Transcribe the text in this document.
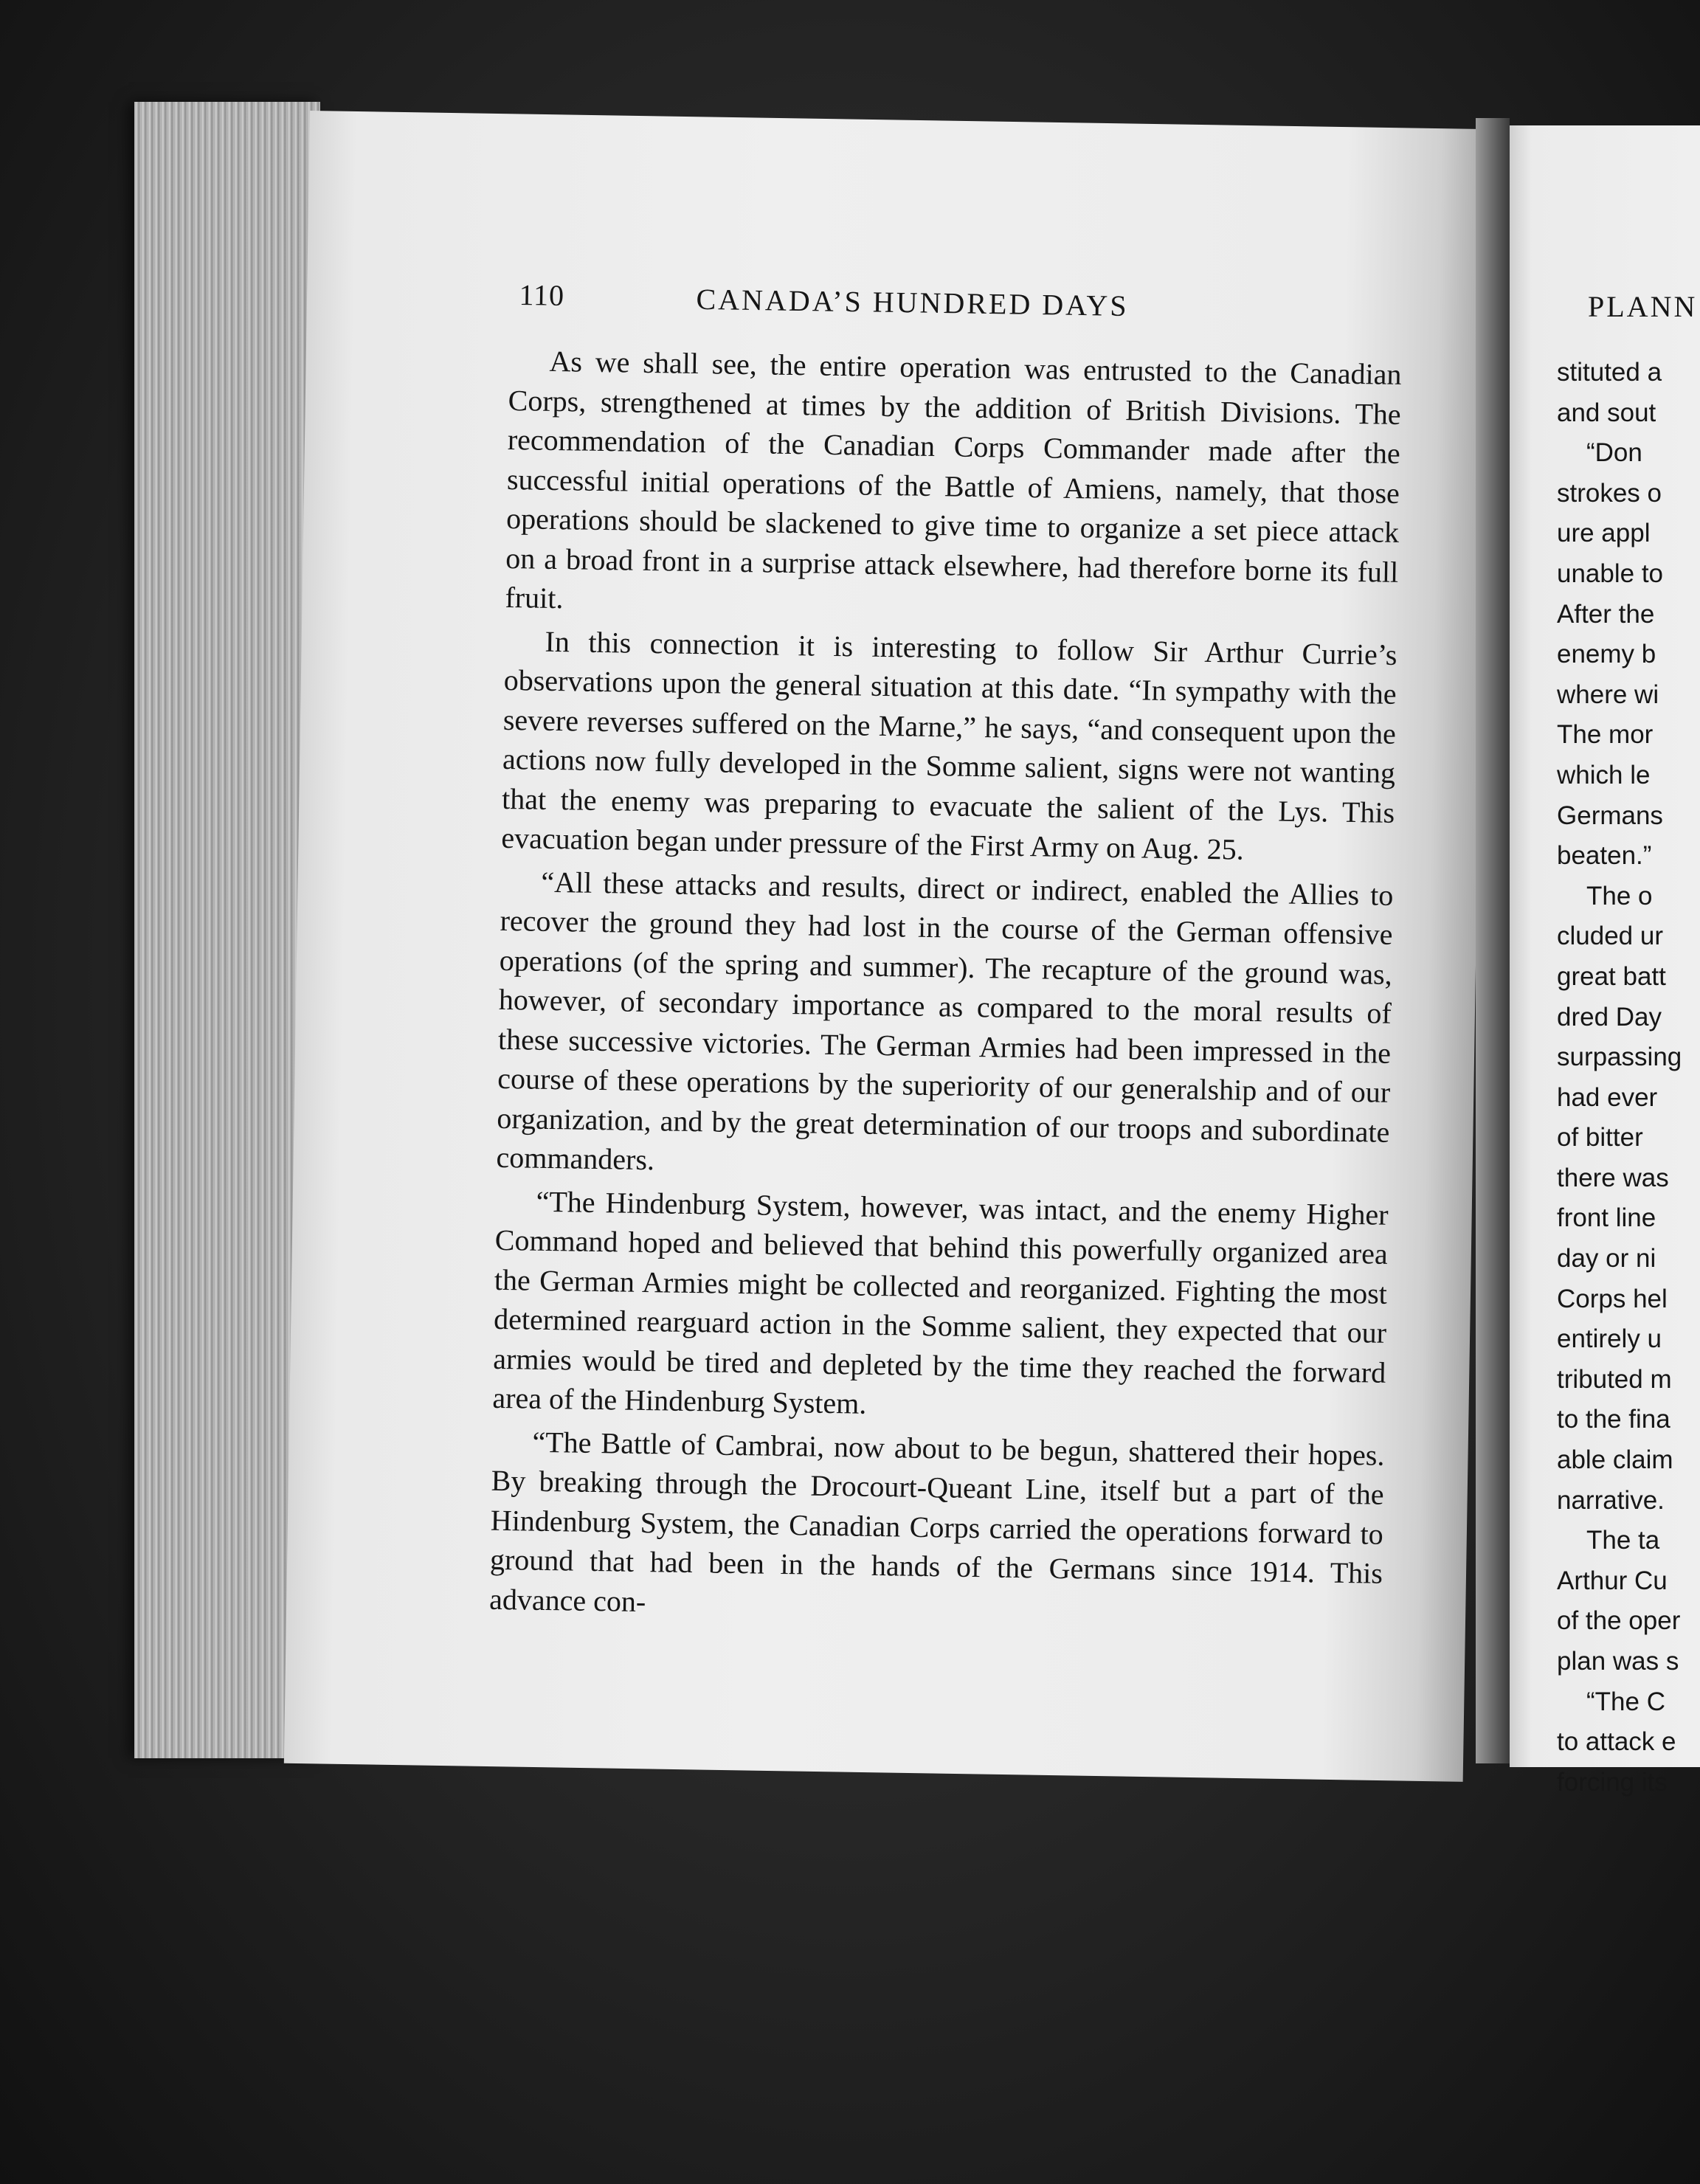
110	CANADA’S HUNDRED DAYS

As we shall see, the entire operation was entrusted to the Canadian Corps, strengthened at times by the addition of British Divisions. The recommendation of the Canadian Corps Commander made after the successful initial operations of the Battle of Amiens, namely, that those operations should be slackened to give time to organize a set piece attack on a broad front in a surprise attack elsewhere, had therefore borne its full fruit.

In this connection it is interesting to follow Sir Arthur Currie’s observations upon the general situation at this date. “In sympathy with the severe reverses suffered on the Marne,” he says, “and consequent upon the actions now fully developed in the Somme salient, signs were not wanting that the enemy was preparing to evacuate the salient of the Lys. This evacuation began under pressure of the First Army on Aug. 25.

“All these attacks and results, direct or indirect, enabled the Allies to recover the ground they had lost in the course of the German offensive operations (of the spring and summer). The recapture of the ground was, however, of secondary importance as compared to the moral results of these successive victories. The German Armies had been impressed in the course of these operations by the superiority of our generalship and of our organization, and by the great determination of our troops and subordinate commanders.

“The Hindenburg System, however, was intact, and the enemy Higher Command hoped and believed that behind this powerfully organized area the German Armies might be collected and reorganized. Fighting the most determined rearguard action in the Somme salient, they expected that our armies would be tired and depleted by the time they reached the forward area of the Hindenburg System.

“The Battle of Cambrai, now about to be begun, shattered their hopes. By breaking through the Drocourt-Queant Line, itself but a part of the Hindenburg System, the Canadian Corps carried the operations forward to ground that had been in the hands of the Germans since 1914. This advance con-

PLANN
stituted a
and sout
“Don
strokes o
ure appl
unable to
After the
enemy b
where wi
The mor
which le
Germans
beaten.”
The o
cluded ur
great batt
dred Day
surpassing
had ever
of bitter
there was
front line
day or ni
Corps hel
entirely u
tributed m
to the fina
able claim
narrative.
The ta
Arthur Cu
of the oper
plan was s
“The C
to attack e
forcing its
